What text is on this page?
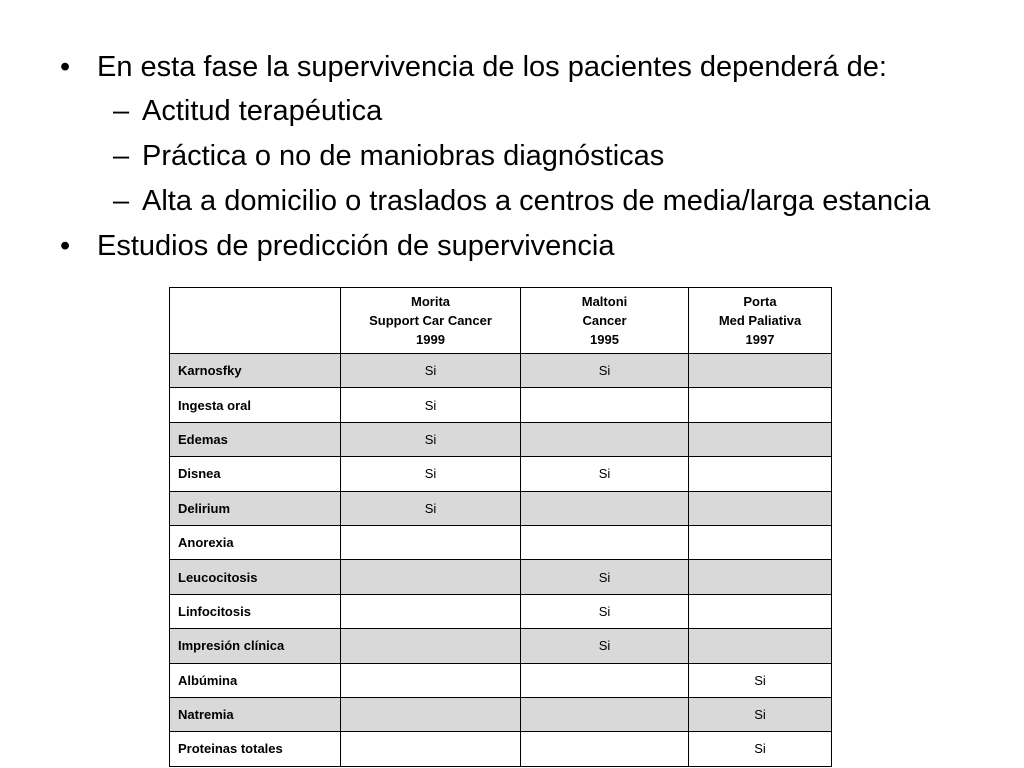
• En esta fase la supervivencia de los pacientes dependerá de:
– Actitud terapéutica
– Práctica o no de maniobras diagnósticas
– Alta a domicilio o traslados a centros de media/larga estancia
• Estudios de predicción de supervivencia

	Morita
Support Car Cancer
1999	Maltoni
Cancer
1995	Porta
Med Paliativa
1997

Karnosfky	Si	Si	
Ingesta oral	Si		
Edemas	Si		
Disnea	Si	Si	
Delirium	Si		
Anorexia			
Leucocitosis		Si	
Linfocitosis		Si	
Impresión clínica		Si	
Albúmina			Si
Natremia			Si
Proteinas totales			Si
